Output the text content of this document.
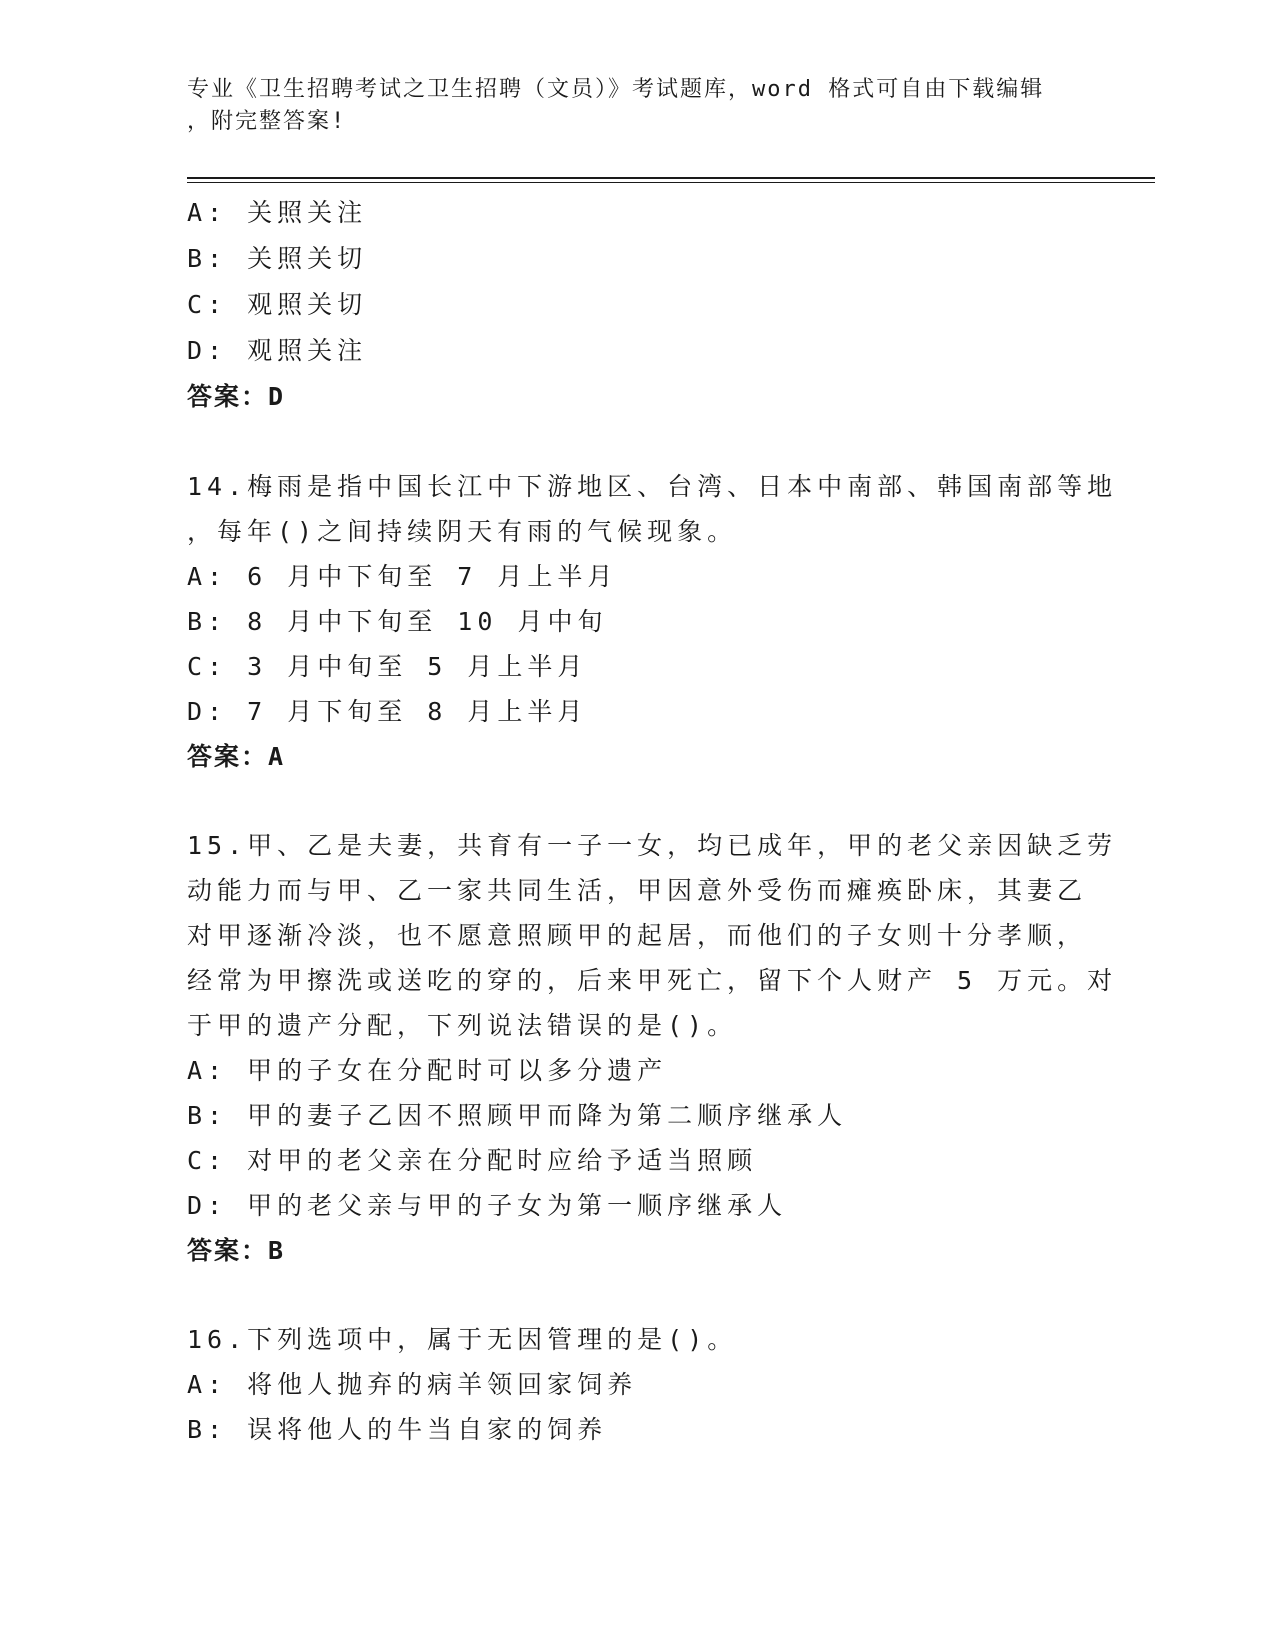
专业《卫生招聘考试之卫生招聘（文员）》考试题库，word 格式可自由下载编辑
，附完整答案!
A: 关照关注
B: 关照关切
C: 观照关切
D: 观照关注
答案：D
14.梅雨是指中国长江中下游地区、台湾、日本中南部、韩国南部等地
，每年()之间持续阴天有雨的气候现象。
A: 6 月中下旬至 7 月上半月
B: 8 月中下旬至 10 月中旬
C: 3 月中旬至 5 月上半月
D: 7 月下旬至 8 月上半月
答案：A
15.甲、乙是夫妻，共育有一子一女，均已成年，甲的老父亲因缺乏劳
动能力而与甲、乙一家共同生活，甲因意外受伤而瘫痪卧床，其妻乙
对甲逐渐冷淡，也不愿意照顾甲的起居，而他们的子女则十分孝顺，
经常为甲擦洗或送吃的穿的，后来甲死亡，留下个人财产 5 万元。对
于甲的遗产分配，下列说法错误的是()。
A: 甲的子女在分配时可以多分遗产
B: 甲的妻子乙因不照顾甲而降为第二顺序继承人
C: 对甲的老父亲在分配时应给予适当照顾
D: 甲的老父亲与甲的子女为第一顺序继承人
答案：B
16.下列选项中，属于无因管理的是()。
A: 将他人抛弃的病羊领回家饲养
B: 误将他人的牛当自家的饲养
